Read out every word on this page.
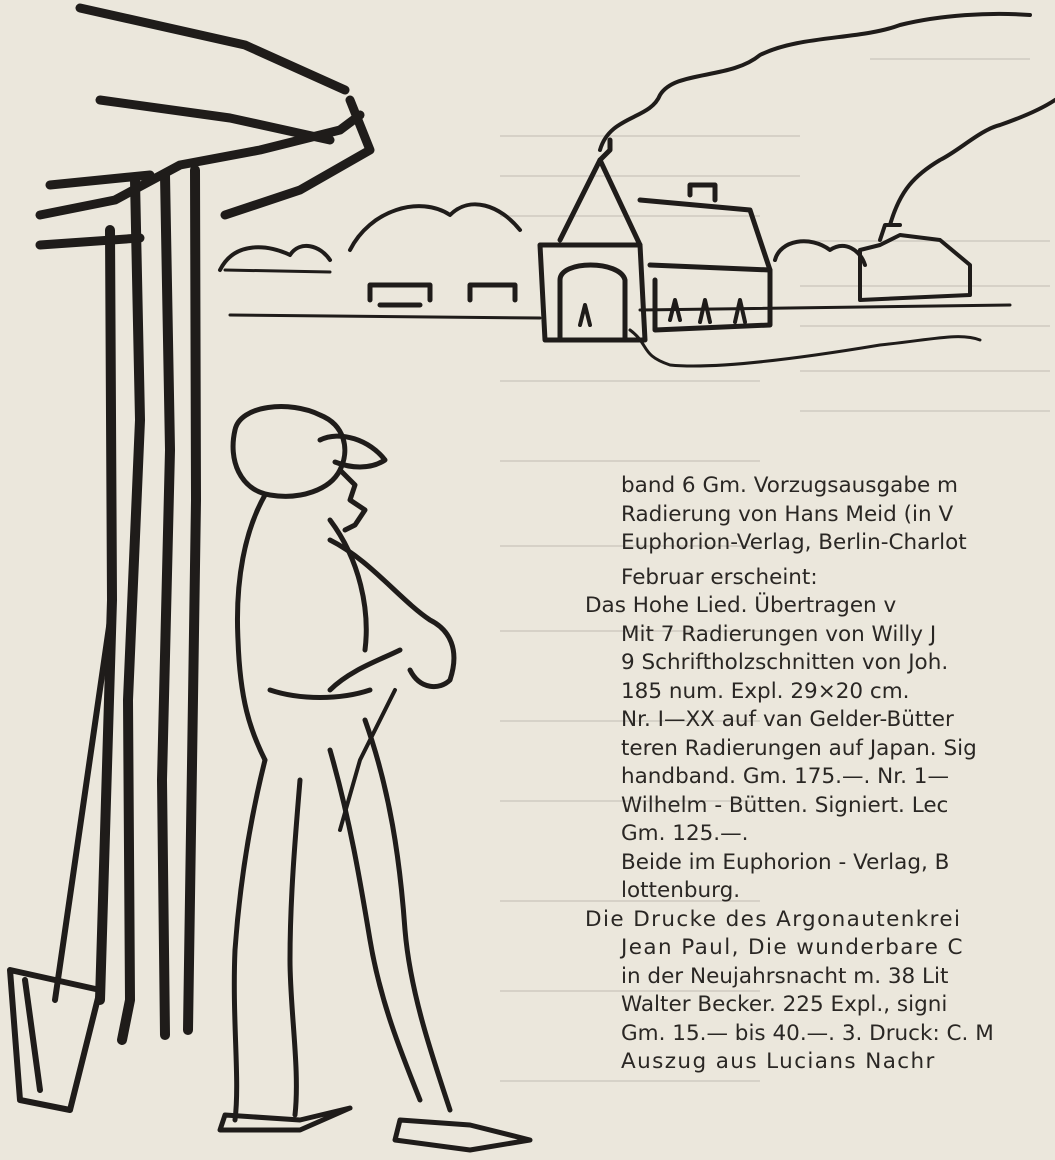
band 6 Gm. Vorzugsausgabe m
Radierung von Hans Meid (in V
Euphorion-Verlag, Berlin-Charlot
Februar erscheint:
Das Hohe Lied. Übertragen v
Mit 7 Radierungen von Willy J
9 Schriftholzschnitten von Joh.
185 num. Expl. 29×20 cm.
Nr. I—XX auf van Gelder-Bütter
teren Radierungen auf Japan. Sig
handband. Gm. 175.—. Nr. 1—
Wilhelm - Bütten. Signiert. Lec
Gm. 125.—.
Beide im Euphorion - Verlag, B
lottenburg.
Die Drucke des Argonautenkrei
Jean Paul, Die wunderbare C
in der Neujahrsnacht m. 38 Lit
Walter Becker. 225 Expl., signi
Gm. 15.— bis 40.—. 3. Druck: C. M
Auszug aus Lucians Nachr
